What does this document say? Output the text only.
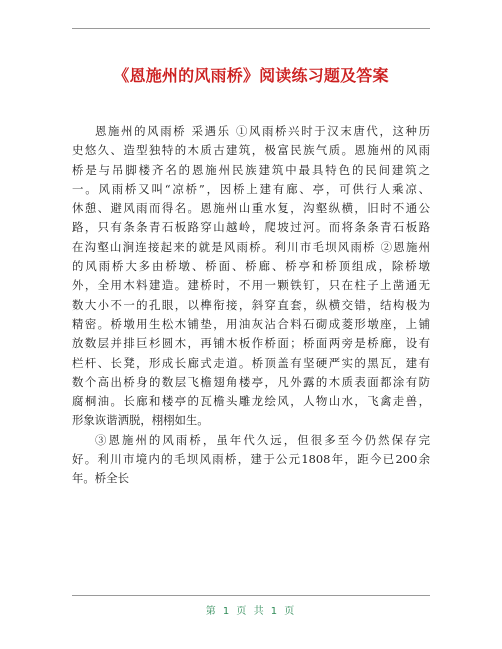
《恩施州的风雨桥》阅读练习题及答案
恩施州的风雨桥 采遇乐 ①风雨桥兴时于汉末唐代，这种历
史悠久、造型独特的木质古建筑，极富民族气质。恩施州的风雨
桥是与吊脚楼齐名的恩施州民族建筑中最具特色的民间建筑之
一。风雨桥又叫“凉桥”，因桥上建有廊、亭，可供行人乘凉、
休憩、避风雨而得名。恩施州山重水复，沟壑纵横，旧时不通公
路，只有条条青石板路穿山越岭，爬坡过河。而将条条青石板路
在沟壑山涧连接起来的就是风雨桥。利川市毛坝风雨桥 ②恩施州
的风雨桥大多由桥墩、桥面、桥廊、桥亭和桥顶组成，除桥墩
外，全用木料建造。建桥时，不用一颗铁钉，只在柱子上凿通无
数大小不一的孔眼，以榫衔接，斜穿直套，纵横交错，结构极为
精密。桥墩用生松木铺垫，用油灰沾合料石砌成菱形墩座，上铺
放数层并排巨杉圆木，再铺木板作桥面；桥面两旁是桥廊，设有
栏杆、长凳，形成长廊式走道。桥顶盖有坚硬严实的黑瓦，建有
数个高出桥身的数层飞檐翅角楼亭，凡外露的木质表面都涂有防
腐桐油。长廊和楼亭的瓦檐头雕龙绘风，人物山水，飞禽走兽，
形象诙谐洒脱，栩栩如生。
③恩施州的风雨桥，虽年代久远，但很多至今仍然保存完
好。利川市境内的毛坝风雨桥，建于公元1808年，距今已200余
年。桥全长
第 1 页 共 1 页
